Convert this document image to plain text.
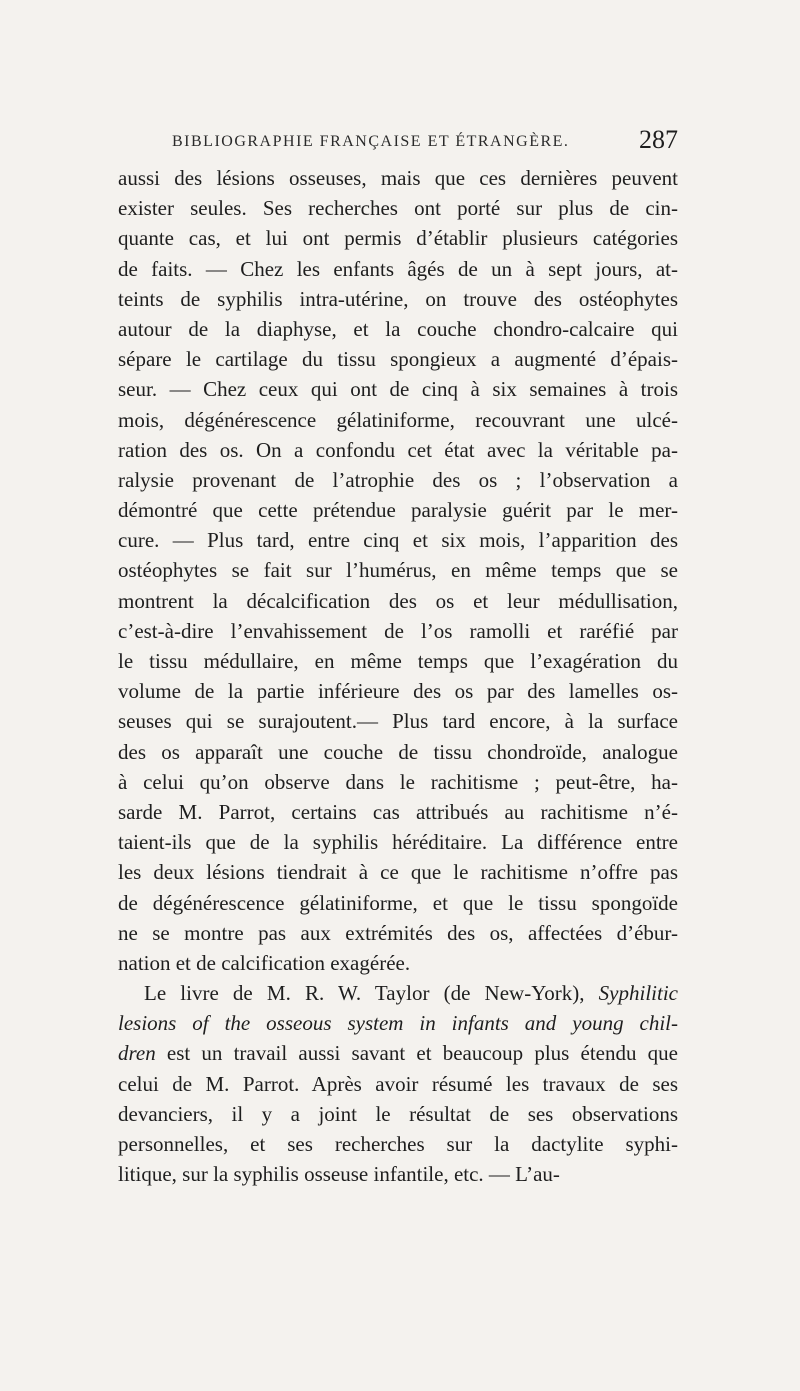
BIBLIOGRAPHIE FRANÇAISE ET ÉTRANGÈRE.	287
aussi des lésions osseuses, mais que ces dernières peuvent
exister seules. Ses recherches ont porté sur plus de cin-
quante cas, et lui ont permis d’établir plusieurs catégories
de faits. — Chez les enfants âgés de un à sept jours, at-
teints de syphilis intra-utérine, on trouve des ostéophytes
autour de la diaphyse, et la couche chondro-calcaire qui
sépare le cartilage du tissu spongieux a augmenté d’épais-
seur. — Chez ceux qui ont de cinq à six semaines à trois
mois, dégénérescence gélatiniforme, recouvrant une ulcé-
ration des os. On a confondu cet état avec la véritable pa-
ralysie provenant de l’atrophie des os ; l’observation a
démontré que cette prétendue paralysie guérit par le mer-
cure. — Plus tard, entre cinq et six mois, l’apparition des
ostéophytes se fait sur l’humérus, en même temps que se
montrent la décalcification des os et leur médullisation,
c’est-à-dire l’envahissement de l’os ramolli et raréfié par
le tissu médullaire, en même temps que l’exagération du
volume de la partie inférieure des os par des lamelles os-
seuses qui se surajoutent.— Plus tard encore, à la surface
des os apparaît une couche de tissu chondroïde, analogue
à celui qu’on observe dans le rachitisme ; peut-être, ha-
sarde M. Parrot, certains cas attribués au rachitisme n’é-
taient-ils que de la syphilis héréditaire. La différence entre
les deux lésions tiendrait à ce que le rachitisme n’offre pas
de dégénérescence gélatiniforme, et que le tissu spongoïde
ne se montre pas aux extrémités des os, affectées d’ébur-
nation et de calcification exagérée.
Le livre de M. R. W. Taylor (de New-York), Syphilitic
lesions of the osseous system in infants and young chil-
dren est un travail aussi savant et beaucoup plus étendu que
celui de M. Parrot. Après avoir résumé les travaux de ses
devanciers, il y a joint le résultat de ses observations
personnelles, et ses recherches sur la dactylite syphi-
litique, sur la syphilis osseuse infantile, etc. — L’au-
